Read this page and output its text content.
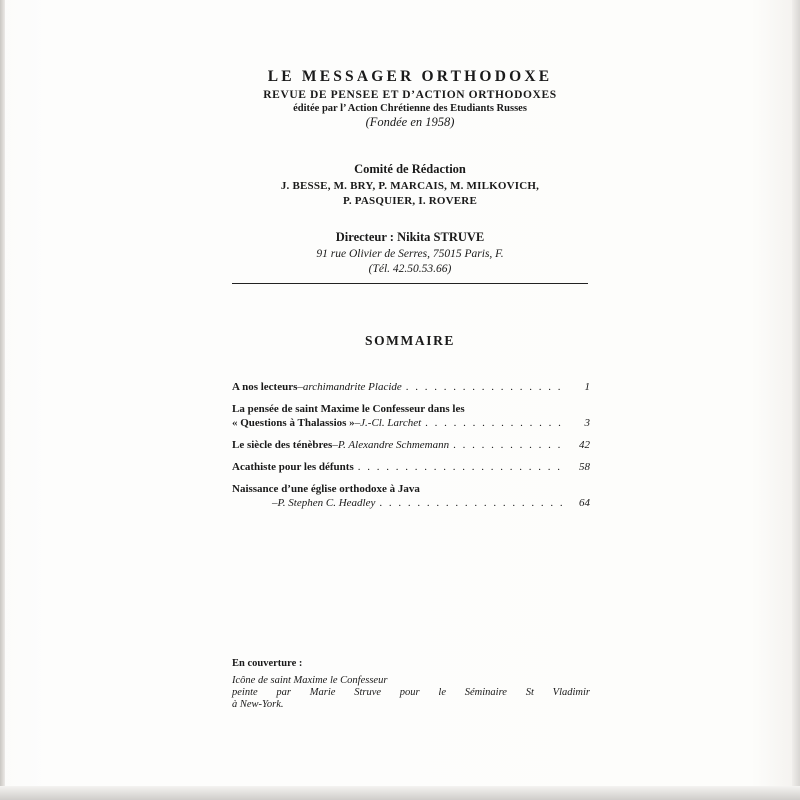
LE MESSAGER ORTHODOXE
REVUE DE PENSEE ET D’ACTION ORTHODOXES
éditée par l’ Action Chrétienne des Etudiants Russes
(Fondée en 1958)
Comité de Rédaction
J. BESSE, M. BRY, P. MARCAIS, M. MILKOVICH,
P. PASQUIER, I. ROVERE
Directeur : Nikita STRUVE
91 rue Olivier de Serres, 75015 Paris, F.
(Tél. 42.50.53.66)
SOMMAIRE
A nos lecteurs – archimandrite Placide . . .	1
La pensée de saint Maxime le Confesseur dans les
« Questions à Thalassios » – J.-Cl. Larchet . . .	3
Le siècle des ténèbres – P. Alexandre Schmemann . . .	42
Acathiste pour les défunts . . .	58
Naissance d’une église orthodoxe à Java
– P. Stephen C. Headley . . .	64
En couverture :
Icône de saint Maxime le Confesseur
peinte par Marie Struve pour le Séminaire St Vladimir
à New-York.
